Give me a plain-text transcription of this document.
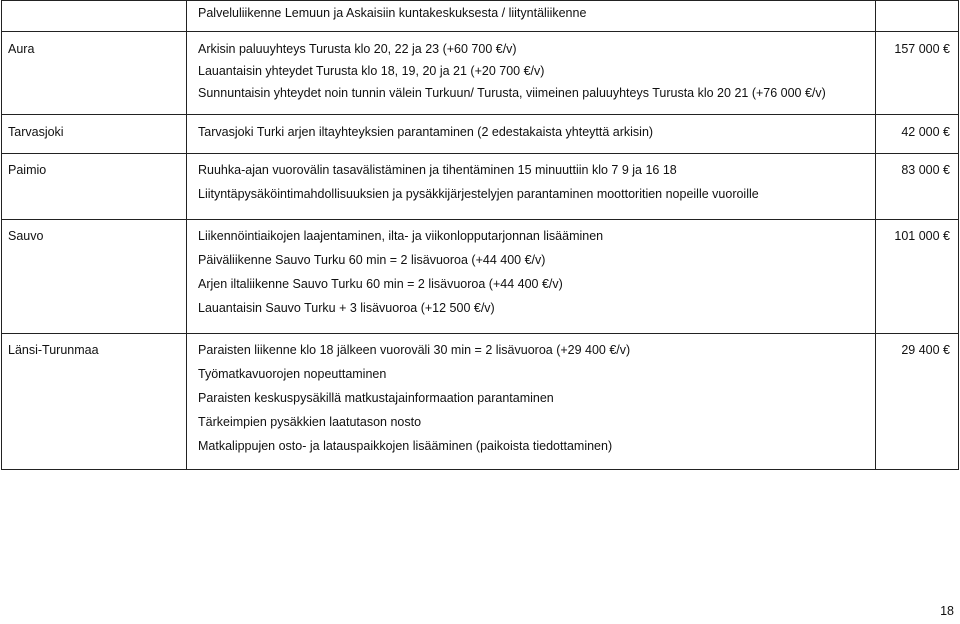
	Palveluliikenne Lemuun ja Askaisiin kuntakeskuksesta / liityntäliikenne	

Aura	Arkisin paluuyhteys Turusta klo 20, 22 ja 23 (+60 700 €/v)
Lauantaisin yhteydet Turusta klo 18, 19, 20 ja 21 (+20 700 €/v)
Sunnuntaisin yhteydet noin tunnin välein Turkuun/ Turusta, viimeinen paluuyhteys Turusta klo 20 21 (+76 000 €/v)	157 000 €

Tarvasjoki	Tarvasjoki Turki arjen iltayhteyksien parantaminen (2 edestakaista yhteyttä arkisin)	42 000 €

Paimio	Ruuhka-ajan vuorovälin tasavälistäminen ja tihentäminen 15 minuuttiin klo 7 9 ja 16 18
Liityntäpysäköintimahdollisuuksien ja pysäkkijärjestelyjen parantaminen moottoritien nopeille vuoroille	83 000 €

Sauvo	Liikennöintiaikojen laajentaminen, ilta- ja viikonlopputarjonnan lisääminen
Päiväliikenne Sauvo Turku 60 min = 2 lisävuoroa (+44 400 €/v)
Arjen iltaliikenne Sauvo Turku 60 min = 2 lisävuoroa (+44 400 €/v)
Lauantaisin Sauvo Turku + 3 lisävuoroa (+12 500 €/v)	101 000 €

Länsi-Turunmaa	Paraisten liikenne klo 18 jälkeen vuoroväli 30 min = 2 lisävuoroa (+29 400 €/v)
Työmatkavuorojen nopeuttaminen
Paraisten keskuspysäkillä matkustajainformaation parantaminen
Tärkeimpien pysäkkien laatutason nosto
Matkalippujen osto- ja latauspaikkojen lisääminen (paikoista tiedottaminen)	29 400 €
18
